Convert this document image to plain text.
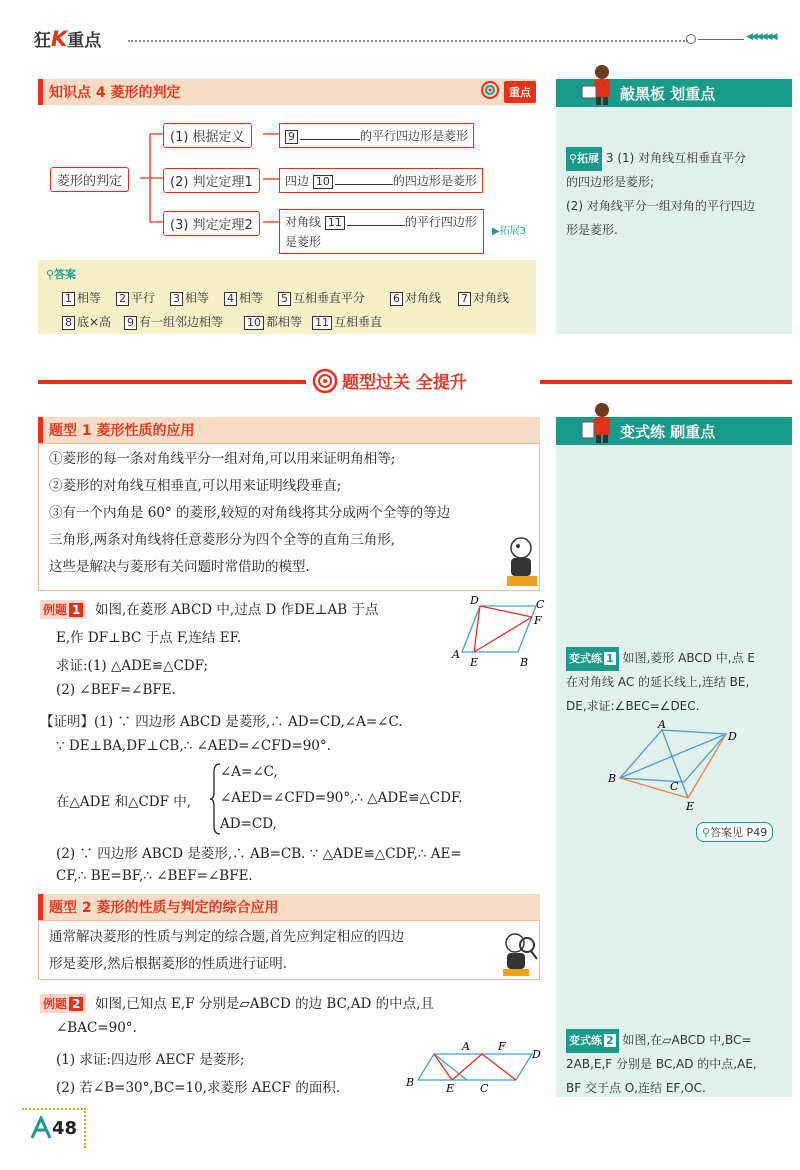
狂K重点	◀◀◀◀◀◀
知识点 4 菱形的判定	重点
菱形的判定
(1) 根据定义	9	的平行四边形是菱形
(2) 判定定理1	四边 10	的四边形是菱形
(3) 判定定理2	对角线 11	的平行四边形
是菱形
▶拓展3
⚲答案
1 相等 2 平行 3 相等 4 相等 5 互相垂直平分	6 对角线 7 对角线
8 底×高 9 有一组邻边相等 10 都相等 11 互相垂直
敲黑板 划重点
⚲拓展 3 (1) 对角线互相垂直平分
的四边形是菱形;
(2) 对角线平分一组对角的平行四边
形是菱形.
题型过关 全提升
题型 1 菱形性质的应用
①菱形的每一条对角线平分一组对角,可以用来证明角相等;
②菱形的对角线互相垂直,可以用来证明线段垂直;
③有一个内角是 60° 的菱形,较短的对角线将其分成两个全等的等边
三角形,两条对角线将任意菱形分为四个全等的直角三角形,
这些是解决与菱形有关问题时常借助的模型.
例题 1 如图,在菱形 ABCD 中,过点 D 作DE⊥AB 于点
E,作 DF⊥BC 于点 F,连结 EF.
求证:(1) △ADE≌△CDF;
(2) ∠BEF=∠BFE.
【证明】(1) ∵ 四边形 ABCD 是菱形,∴ AD=CD,∠A=∠C.
∵ DE⊥BA,DF⊥CB,∴ ∠AED=∠CFD=90°.
∠A=∠C,
在△ADE 和△CDF 中, ∠AED=∠CFD=90°,∴ △ADE≌△CDF.
AD=CD,
(2) ∵ 四边形 ABCD 是菱形,∴ AB=CB. ∵ △ADE≌△CDF,∴ AE=
CF,∴ BE=BF,∴ ∠BEF=∠BFE.
A
B
C
D
E
F
变式练 刷重点
变式练 1 如图,菱形 ABCD 中,点 E
在对角线 AC 的延长线上,连结 BE,
DE,求证:∠BEC=∠DEC.
B
A
D
C
E
⚲答案见 P49
变式练 2 如图,在▱ABCD 中,BC=
2AB,E,F 分别是 BC,AD 的中点,AE,
BF 交于点 O,连结 EF,OC.
题型 2 菱形的性质与判定的综合应用
通常解决菱形的性质与判定的综合题,首先应判定相应的四边
形是菱形,然后根据菱形的性质进行证明.
例题 2 如图,已知点 E,F 分别是▱ABCD 的边 BC,AD 的中点,且
∠BAC=90°.
(1) 求证:四边形 AECF 是菱形;
(2) 若∠B=30°,BC=10,求菱形 AECF 的面积.	B
A	F
D
E C
48
